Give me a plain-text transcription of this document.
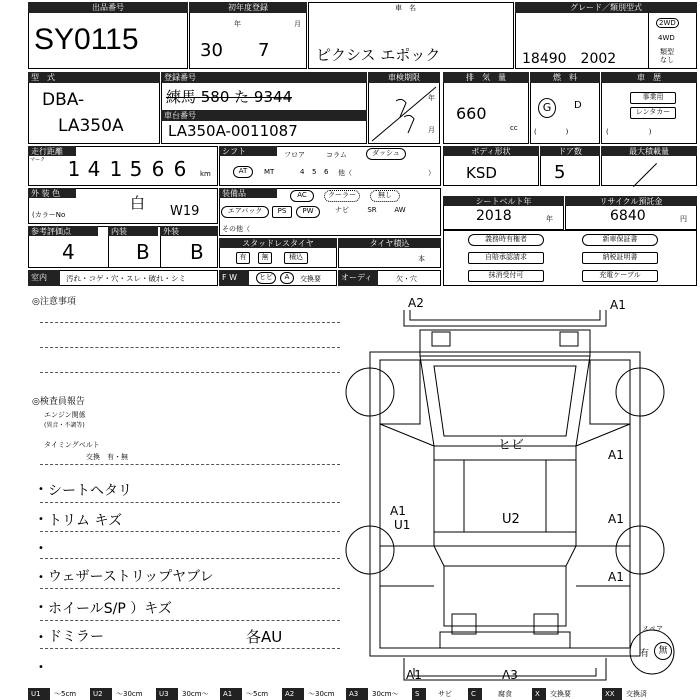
出品番号
SY0115
初年度登録
年	月
30 7
車　名
ピクシス エポック
グレード／類別型式
18490　2002
2WD
4WD
類型なし
型　式
DBA-
LA350A
登録番号
練馬 580 た 9344
車台番号
LA350A-0011087
車検期限
年
月
排　気　量
660
cc
燃　料
G	D
(             )
車　歴
事業用
レンタカー
(                  )
走行距離
マーク 1 4 1 5 6 6	km
シフト	フロア	コラム	ダッシュ
AT	MT	4 5 6 他（	）
ボディ形状
KSD
ドア数
5
最大積載量
／
外 装 色
白
(カラーNo	W19
装備品	AC	クーラー	無し
エアバック	PS	PW	ナビ	SR	AW
その他（
シートベルト年
2018	年
リサイクル預託金
6840	円
参考評価点
4
内装
B
外装
B	スタッドレスタイヤ
有	無	積込
タイヤ積込
本
義務時有権者	新車保証書
自賠承認請求	納税証明書
抹消受付可	充電ケーブル
室内	汚れ・コゲ・穴・スレ・破れ・シミ	F W	ヒビ	A	交換要	オーディオ
欠・穴
◎注意事項
◎検査員報告
エンジン関係
(異音・不調等)
タイミングベルト
交換　有・無
• シートヘタリ
• トリム キズ
•
• ウェザーストリップヤブレ
• ホイールS/P ）キズ
• ドミラー	各AU
•
A2	A1
ヒビ
A1
A1
U1	U2	A1
A1
A1	A3
スペア
有	無
U1	～5cm	U2	～30cm	U3	30cm～	A1	～5cm	A2	～30cm	A3	30cm～	S	サビ	C	腐食	X	交換要	XX	交換済
